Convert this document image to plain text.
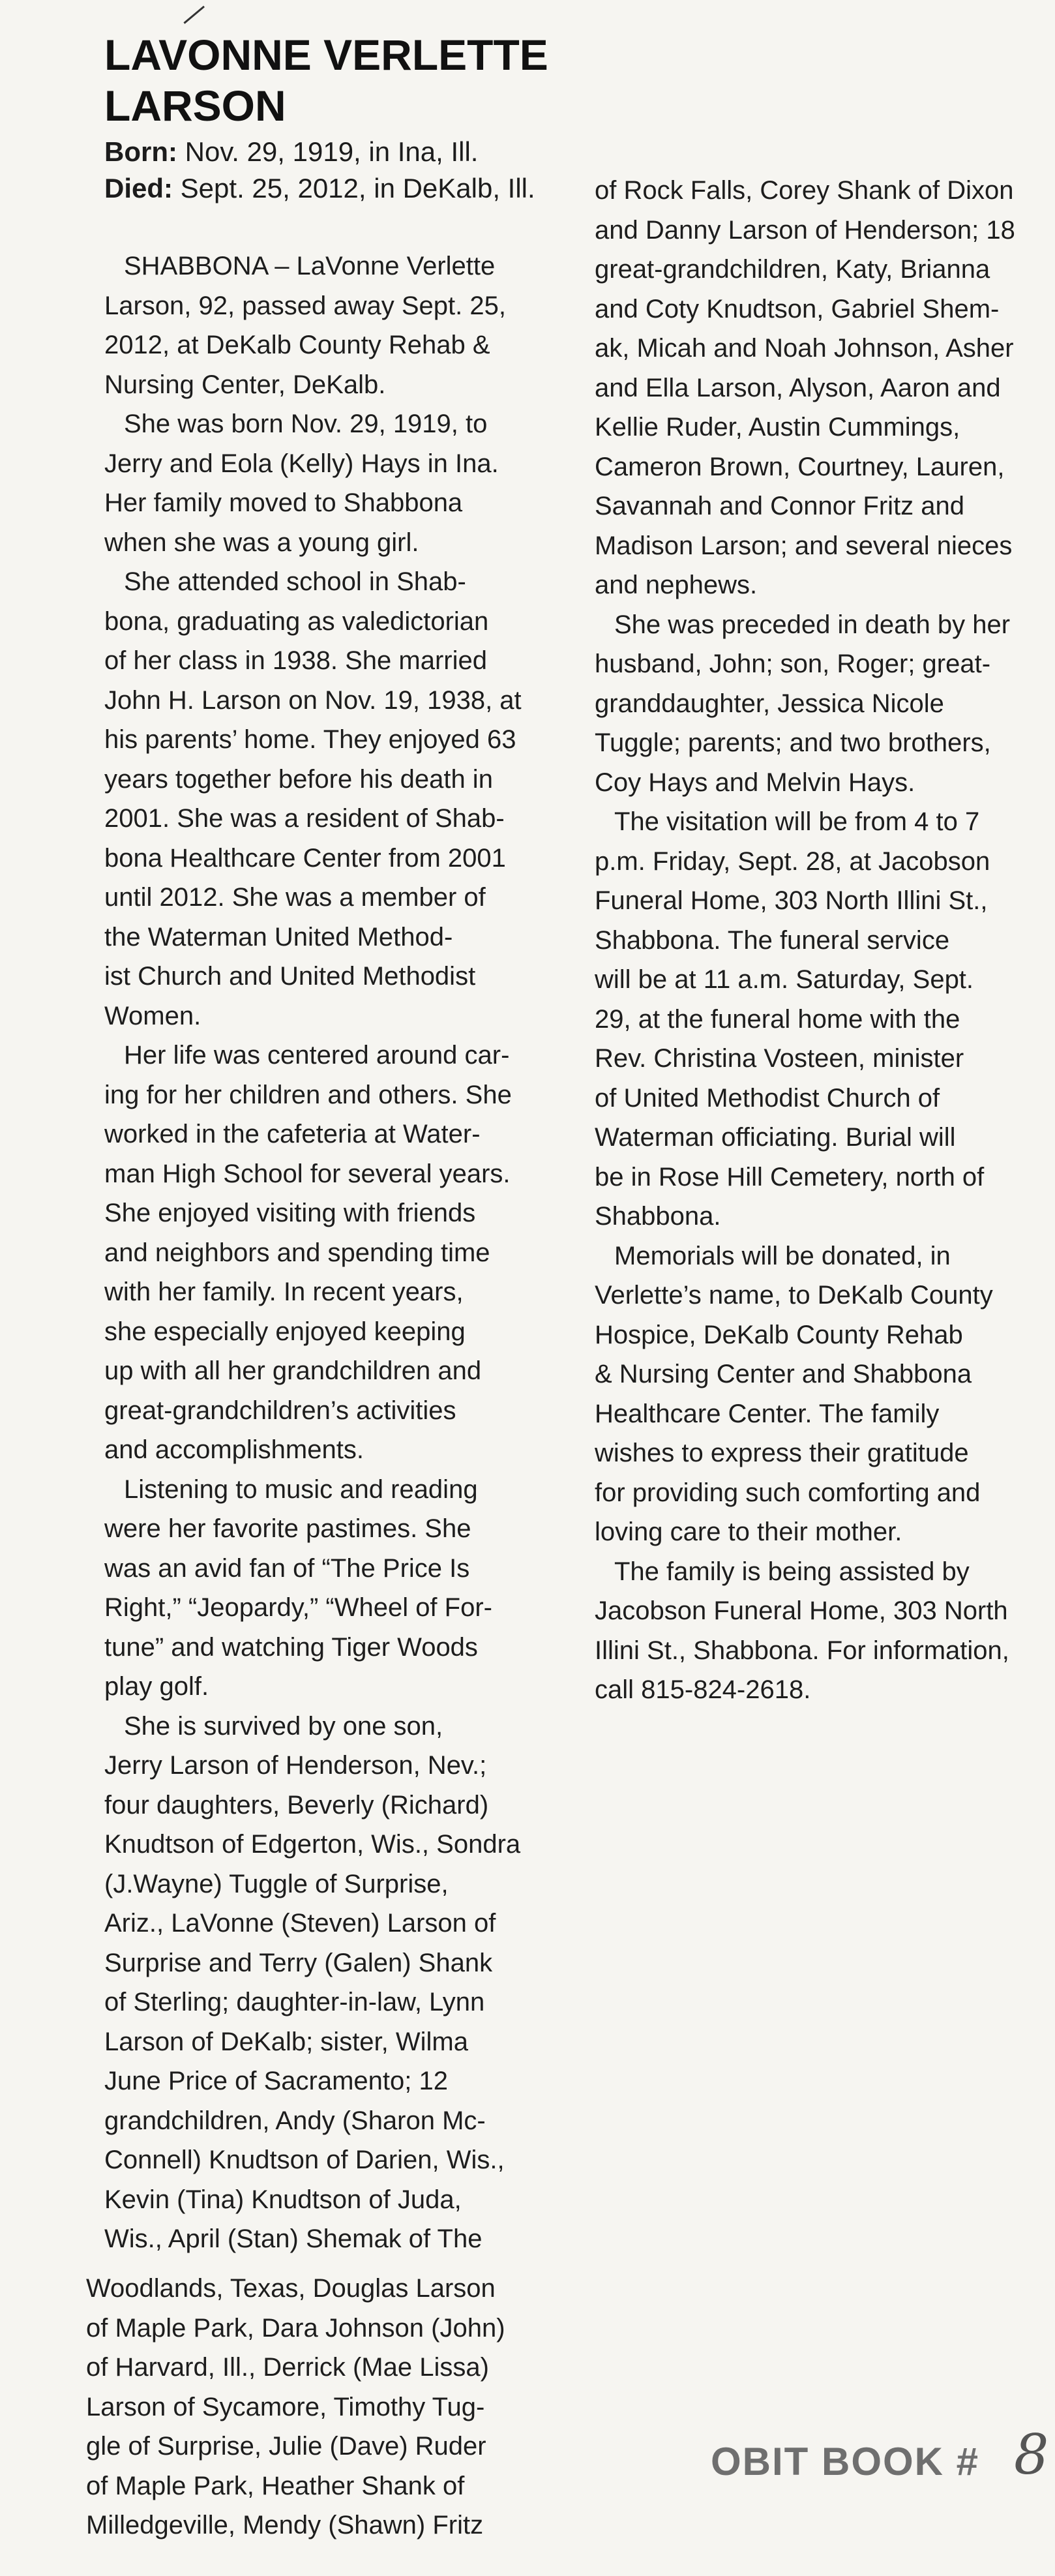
LAVONNE VERLETTE
LARSON
Born: Nov. 29, 1919, in Ina, Ill.
Died: Sept. 25, 2012, in DeKalb, Ill.
SHABBONA – LaVonne Verlette
Larson, 92, passed away Sept. 25,
2012, at DeKalb County Rehab &
Nursing Center, DeKalb.
She was born Nov. 29, 1919, to
Jerry and Eola (Kelly) Hays in Ina.
Her family moved to Shabbona
when she was a young girl.
She attended school in Shab-
bona, graduating as valedictorian
of her class in 1938. She married
John H. Larson on Nov. 19, 1938, at
his parents’ home. They enjoyed 63
years together before his death in
2001. She was a resident of Shab-
bona Healthcare Center from 2001
until 2012. She was a member of
the Waterman United Method-
ist Church and United Methodist
Women.
Her life was centered around car-
ing for her children and others. She
worked in the cafeteria at Water-
man High School for several years.
She enjoyed visiting with friends
and neighbors and spending time
with her family. In recent years,
she especially enjoyed keeping
up with all her grandchildren and
great-grandchildren’s activities
and accomplishments.
Listening to music and reading
were her favorite pastimes. She
was an avid fan of “The Price Is
Right,” “Jeopardy,” “Wheel of For-
tune” and watching Tiger Woods
play golf.
She is survived by one son,
Jerry Larson of Henderson, Nev.;
four daughters, Beverly (Richard)
Knudtson of Edgerton, Wis., Sondra
(J.Wayne) Tuggle of Surprise,
Ariz., LaVonne (Steven) Larson of
Surprise and Terry (Galen) Shank
of Sterling; daughter-in-law, Lynn
Larson of DeKalb; sister, Wilma
June Price of Sacramento; 12
grandchildren, Andy (Sharon Mc-
Connell) Knudtson of Darien, Wis.,
Kevin (Tina) Knudtson of Juda,
Wis., April (Stan) Shemak of The
Woodlands, Texas, Douglas Larson
of Maple Park, Dara Johnson (John)
of Harvard, Ill., Derrick (Mae Lissa)
Larson of Sycamore, Timothy Tug-
gle of Surprise, Julie (Dave) Ruder
of Maple Park, Heather Shank of
Milledgeville, Mendy (Shawn) Fritz
of Rock Falls, Corey Shank of Dixon
and Danny Larson of Henderson; 18
great-grandchildren, Katy, Brianna
and Coty Knudtson, Gabriel Shem-
ak, Micah and Noah Johnson, Asher
and Ella Larson, Alyson, Aaron and
Kellie Ruder, Austin Cummings,
Cameron Brown, Courtney, Lauren,
Savannah and Connor Fritz and
Madison Larson; and several nieces
and nephews.
She was preceded in death by her
husband, John; son, Roger; great-
granddaughter, Jessica Nicole
Tuggle; parents; and two brothers,
Coy Hays and Melvin Hays.
The visitation will be from 4 to 7
p.m. Friday, Sept. 28, at Jacobson
Funeral Home, 303 North Illini St.,
Shabbona. The funeral service
will be at 11 a.m. Saturday, Sept.
29, at the funeral home with the
Rev. Christina Vosteen, minister
of United Methodist Church of
Waterman officiating. Burial will
be in Rose Hill Cemetery, north of
Shabbona.
Memorials will be donated, in
Verlette’s name, to DeKalb County
Hospice, DeKalb County Rehab
& Nursing Center and Shabbona
Healthcare Center. The family
wishes to express their gratitude
for providing such comforting and
loving care to their mother.
The family is being assisted by
Jacobson Funeral Home, 303 North
Illini St., Shabbona. For information,
call 815-824-2618.
OBIT BOOK # 8
